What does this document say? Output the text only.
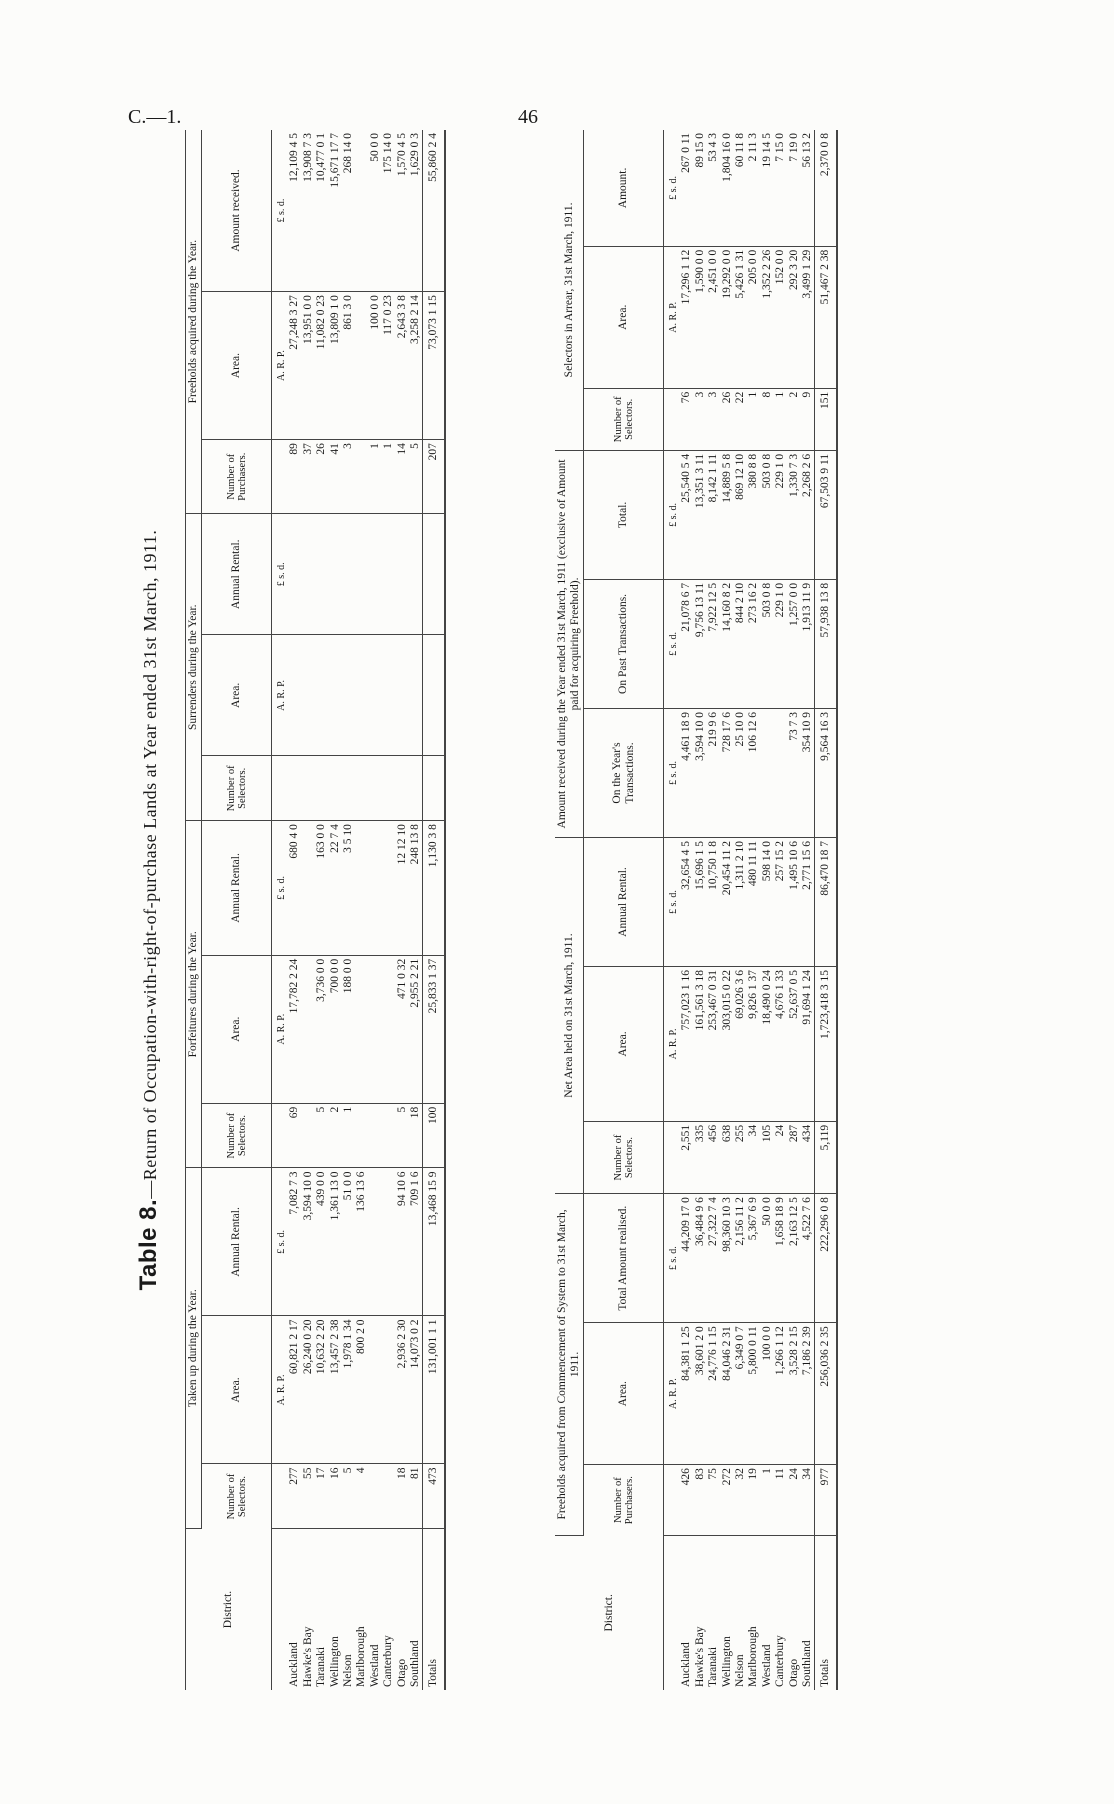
C.—1.	46
Table 8.—Return of Occupation-with-right-of-purchase Lands at Year ended 31st March, 1911.
District.	Taken up during the Year.			Forfeitures during the Year.			Surrenders during the Year.			Freeholds acquired during the Year.		
	Number of Selectors.	Area.	Annual Rental.	Number of Selectors.	Area.	Annual Rental.	Number of Selectors.	Area.	Annual Rental.	Number of Purchasers.	Area.	Amount received.
		A. R. P.	£ s. d.		A. R. P.	£ s. d.		A. R. P.	£ s. d.		A. R. P.	£ s. d.
Auckland	277	60,821 2 17	7,082 7 3	69	17,782 2 24	680 4 0				89	27,248 3 27	12,109 4 5
Hawke's Bay	55	26,240 0 20	3,594 10 0							37	13,951 0 0	13,908 7 3
Taranaki	17	10,632 2 20	439 0 0	5	3,736 0 0	163 0 0				26	11,082 0 23	10,477 0 1
Wellington	16	13,457 2 38	1,361 13 0	2	700 0 0	22 7 4				41	13,809 1 0	15,671 17 7
Nelson	5	1,978 1 34	51 0 0	1	188 0 0	3 5 10				3	861 3 0	268 14 0
Marlborough	4	800 2 0	136 13 6									
Westland										1	100 0 0	50 0 0
Canterbury										1	117 0 23	175 14 0
Otago	18	2,936 2 30	94 10 6	5	471 0 32	12 12 10				14	2,643 3 8	1,570 4 5
Southland	81	14,073 0 2	709 1 6	18	2,955 2 21	248 13 8				5	3,258 2 14	1,629 0 3
Totals	473	131,001 1 1	13,468 15 9	100	25,833 1 37	1,130 3 8				207	73,073 1 15	55,860 2 4
District.	Freeholds acquired from Commencement of System to 31st March, 1911.			Net Area held on 31st March, 1911.			Amount received during the Year ended 31st March, 1911 (exclusive of Amount paid for acquiring Freehold).			Selectors in Arrear, 31st March, 1911.		
	Number of Purchasers.	Area.	Total Amount realised.	Number of Selectors.	Area.	Annual Rental.	On the Year's Transactions.	On Past Transactions.	Total.	Number of Selectors.	Area.	Amount.
		A. R. P.	£ s. d.		A. R. P.	£ s. d.	£ s. d.	£ s. d.	£ s. d.		A. R. P.	£ s. d.
Auckland	426	84,381 1 25	44,209 17 0	2,551	757,023 1 16	32,654 4 5	4,461 18 9	21,078 6 7	25,540 5 4	76	17,296 1 12	267 0 11
Hawke's Bay	83	38,601 2 0	36,484 9 6	335	161,561 3 18	15,696 1 5	3,594 10 0	9,756 13 11	13,351 3 11	3	1,590 0 0	89 15 0
Taranaki	75	24,776 1 15	27,322 7 4	456	253,467 0 31	10,750 1 8	219 9 6	7,922 12 5	8,142 1 11	3	2,451 0 0	53 4 3
Wellington	272	84,046 2 31	98,360 10 3	638	303,015 0 22	20,454 11 2	728 17 6	14,160 8 2	14,889 5 8	26	19,292 0 0	1,804 16 0
Nelson	32	6,349 0 7	2,156 11 2	255	69,026 3 6	1,311 2 10	25 10 0	844 2 10	869 12 10	22	5,426 1 31	60 11 8
Marlborough	19	5,800 0 11	5,367 6 9	34	9,826 1 37	480 11 11	106 12 6	273 16 2	380 8 8	1	205 0 0	2 11 3
Westland	1	100 0 0	50 0 0	105	18,490 0 24	598 14 0		503 0 8	503 0 8	8	1,352 2 26	19 14 5
Canterbury	11	1,266 1 12	1,658 18 9	24	4,676 1 33	257 15 2		229 1 0	229 1 0	1	152 0 0	7 15 0
Otago	24	3,528 2 15	2,163 12 5	287	52,637 0 5	1,495 10 6	73 7 3	1,257 0 0	1,330 7 3	2	292 3 20	7 19 0
Southland	34	7,186 2 39	4,522 7 6	434	91,694 1 24	2,771 15 6	354 10 9	1,913 11 9	2,268 2 6	9	3,499 1 29	56 13 2
Totals	977	256,036 2 35	222,296 0 8	5,119	1,723,418 3 15	86,470 18 7	9,564 16 3	57,938 13 8	67,503 9 11	151	51,467 2 38	2,370 0 8
